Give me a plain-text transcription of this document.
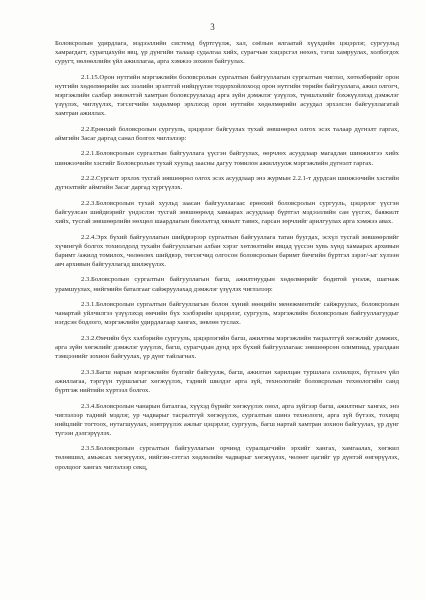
3

Боловсролын удирдлага, мэдээллийн системд бүртгүүлж, хал, сөёлын ялгаатай хүүхдийн цэцэрлэг, сургуульд хамрагдагт, сурагцахуйн явц, үр дүнгийн талаар судалгаа хийх, сурагчын хэцэрсгэл нөхөх, тэгш хамруулах, холбогдох суругт, нөлөөллийн үйл ажиллагаа, арга хэмжээ зохион байгуулах.

2.1.15.Орон нутгийн мэргэжлийн боловсролын сургалтын байгууллагын сургалтын чиглэл, хөтөлбөрийг орон нутгийн хөдөлмөрийн зах зээлийн эрэлттэй нийцүүлэн тодорхойлохоод орон нутгийн төрийн байгууллага, ажил олгогч, мэргэжлийн салбар зөвлөлтэй хамтран боловсруулахад арга зүйн дэмжлэг үзүүлэх, түншлэлийг бэхжүүлэхэд дэмжлэг үзүүлэх, чиглүүлэх, тэгсегчийн хөдөлмөр эрхлэхэд орон нутгийн хөдөлмөрийн асуудал эрхэлсэн байгууллагатай хамтран ажиллах.

2.2.Ерөнхий боловсролын сургууль, цэцэрлэг байгуулах тухай зөвшөөрөл олгох эсэх талаар дүгнэлт гаргах, аймгийн Засаг даргад санал болгох чиглэлээр:

2.2.1.Боловсролын сургалтын байгууллага үүсгэн байгуулах, өөрчлөх асуудлаар магадлан шинжилгээ хийх шинжээчийн хэсгийг Боловсролын тухай хуульд заасны дагуу томилон ажиллуулж мэргэжлийн дүгнэлт гаргах.

2.2.2.Сургалт эрхлэх тусгай зөвшөөрөл олгох эсэх асуудлаар энэ журмын 2.2.1-т дурдсан шинжээчийн хэсгийн дүгнэлтийг аймгийн Засаг даргад хүргүүлэх.

2.2.3.Боловсролын тухай хуульд заасан байгууллагаас ерөнхий боловсролын сургууль, цэцэрлэг үүсгэн байгуулсан шийдвэрийг үндэслэн тусгай зөвшөөрөлд хамаарах асуудлаар бүртгэл мэдээллийн сан үүсгэх, баяжилт хийх, тусгай зөвшөөрлийн нөхцөл шаардлагын биелэлтэд хяналт тавих, гарсан зөрчлийг арилгуулах арга хэмжээ авах.

2.2.4.Эрх бүхий байгууллагын шийдвэрээр сургалтын байгууллага татан буугдах, эсхүл тусгай зөвшөөрлийг хүчингүй болгох тохиолдолд тухайн байгууллагын албан хэрэг хөтлөлтийн явцад үүссэн хувь хүнд хамаарах архивын баримт /ажилд томилох, чөлөөлөх шийдвэр, төгсөгчид олгосон боловсролын баримт бичгийн бүртгэл зэрэг/-ыг хүлээн авч архивын байгууллагад шилжүүлэх.

2.3.Боловсролын сургалтын байгууллагын багш, ажилтнуудын хөдөлмөрийг бодитой үнэлж, шагнаж урамшуулах, нийгмийн баталгааг сайжруулахад дэмжлэг үзүүлэх чиглэлээр:

2.3.1.Боловсролын сургалтын байгууллагын болон хүний нөөцийн менежментийг сайжруулах, боловсролын чанартай уйлчилгээ үзүүлэхэд өмчийн бүх хэлбэрийн цэцэрлэг, сургууль, мэргэжлийн боловсролын байгууллагуудыг нэгдсэн бодлого, мэргэжлийн удирдлагаар хангах, зөвлөн туслах.

2.3.2.Өмчийн бүх хэлбэрийн сургууль, цэцэрлэгийн багш, ажилтны мэргэжлийн тасралтгүй хөгжлийг дэмжих, арга зүйн хөгжлийг дэмжлэг үзүүлэх, багш, сурагчдын дунд эрх бүхий байгууллагаас зөвшөөрсөн олимпиад, уралдаан тэмцээнийг зохион байгуулах, үр дүнг тайлагнах.

2.3.3.Багш нарын мэргэжлийн бүлгийг байгуулж, багш, ажилтан харилцан туршлага солилцох, бүтээлч үйл ажиллагаа, тэргүүн туршлагыг хөгжүүлэх, тэдний шилдэг арга зүй, технологийг боловсролын технологийн санд бүртгэж нийтийн хүртээл болгох.

2.3.4.Боловсролын чанарын баталгаа, хүүхэд бүрийг хөгжүүлэх онол, арга зүйгээр багш, ажилтныг хангах, энэ чиглэлээр тадний мэдлэг, ур чадварыг тасралтгүй хөгжүүлэх, сургалтын шинэ технологи, арга зүй бүтээх, тохирц нийцлийг тогтоох, нутагшуулах, нэвтрүүлэх ажлыг цэцэрлэг, сургууль, багш нартай хамтран зохион байгуулах, үр дүнг түгээн дэлгэрүүлэх.

2.3.5.Боловсролын сургалтын байгууллагын орчинд суралцагчийн эрхийг хангах, хамгаалах, хөгжил төлөвшил, амьжсах хөгжүүлэх, нийгэм-сэтгэл хөдлөлийн чадварыг хөгжүүлэх, чөлөөт цагийг үр дүнтэй өнгөрүүлэх, оролцоог хангах чиглэлээр секц,
